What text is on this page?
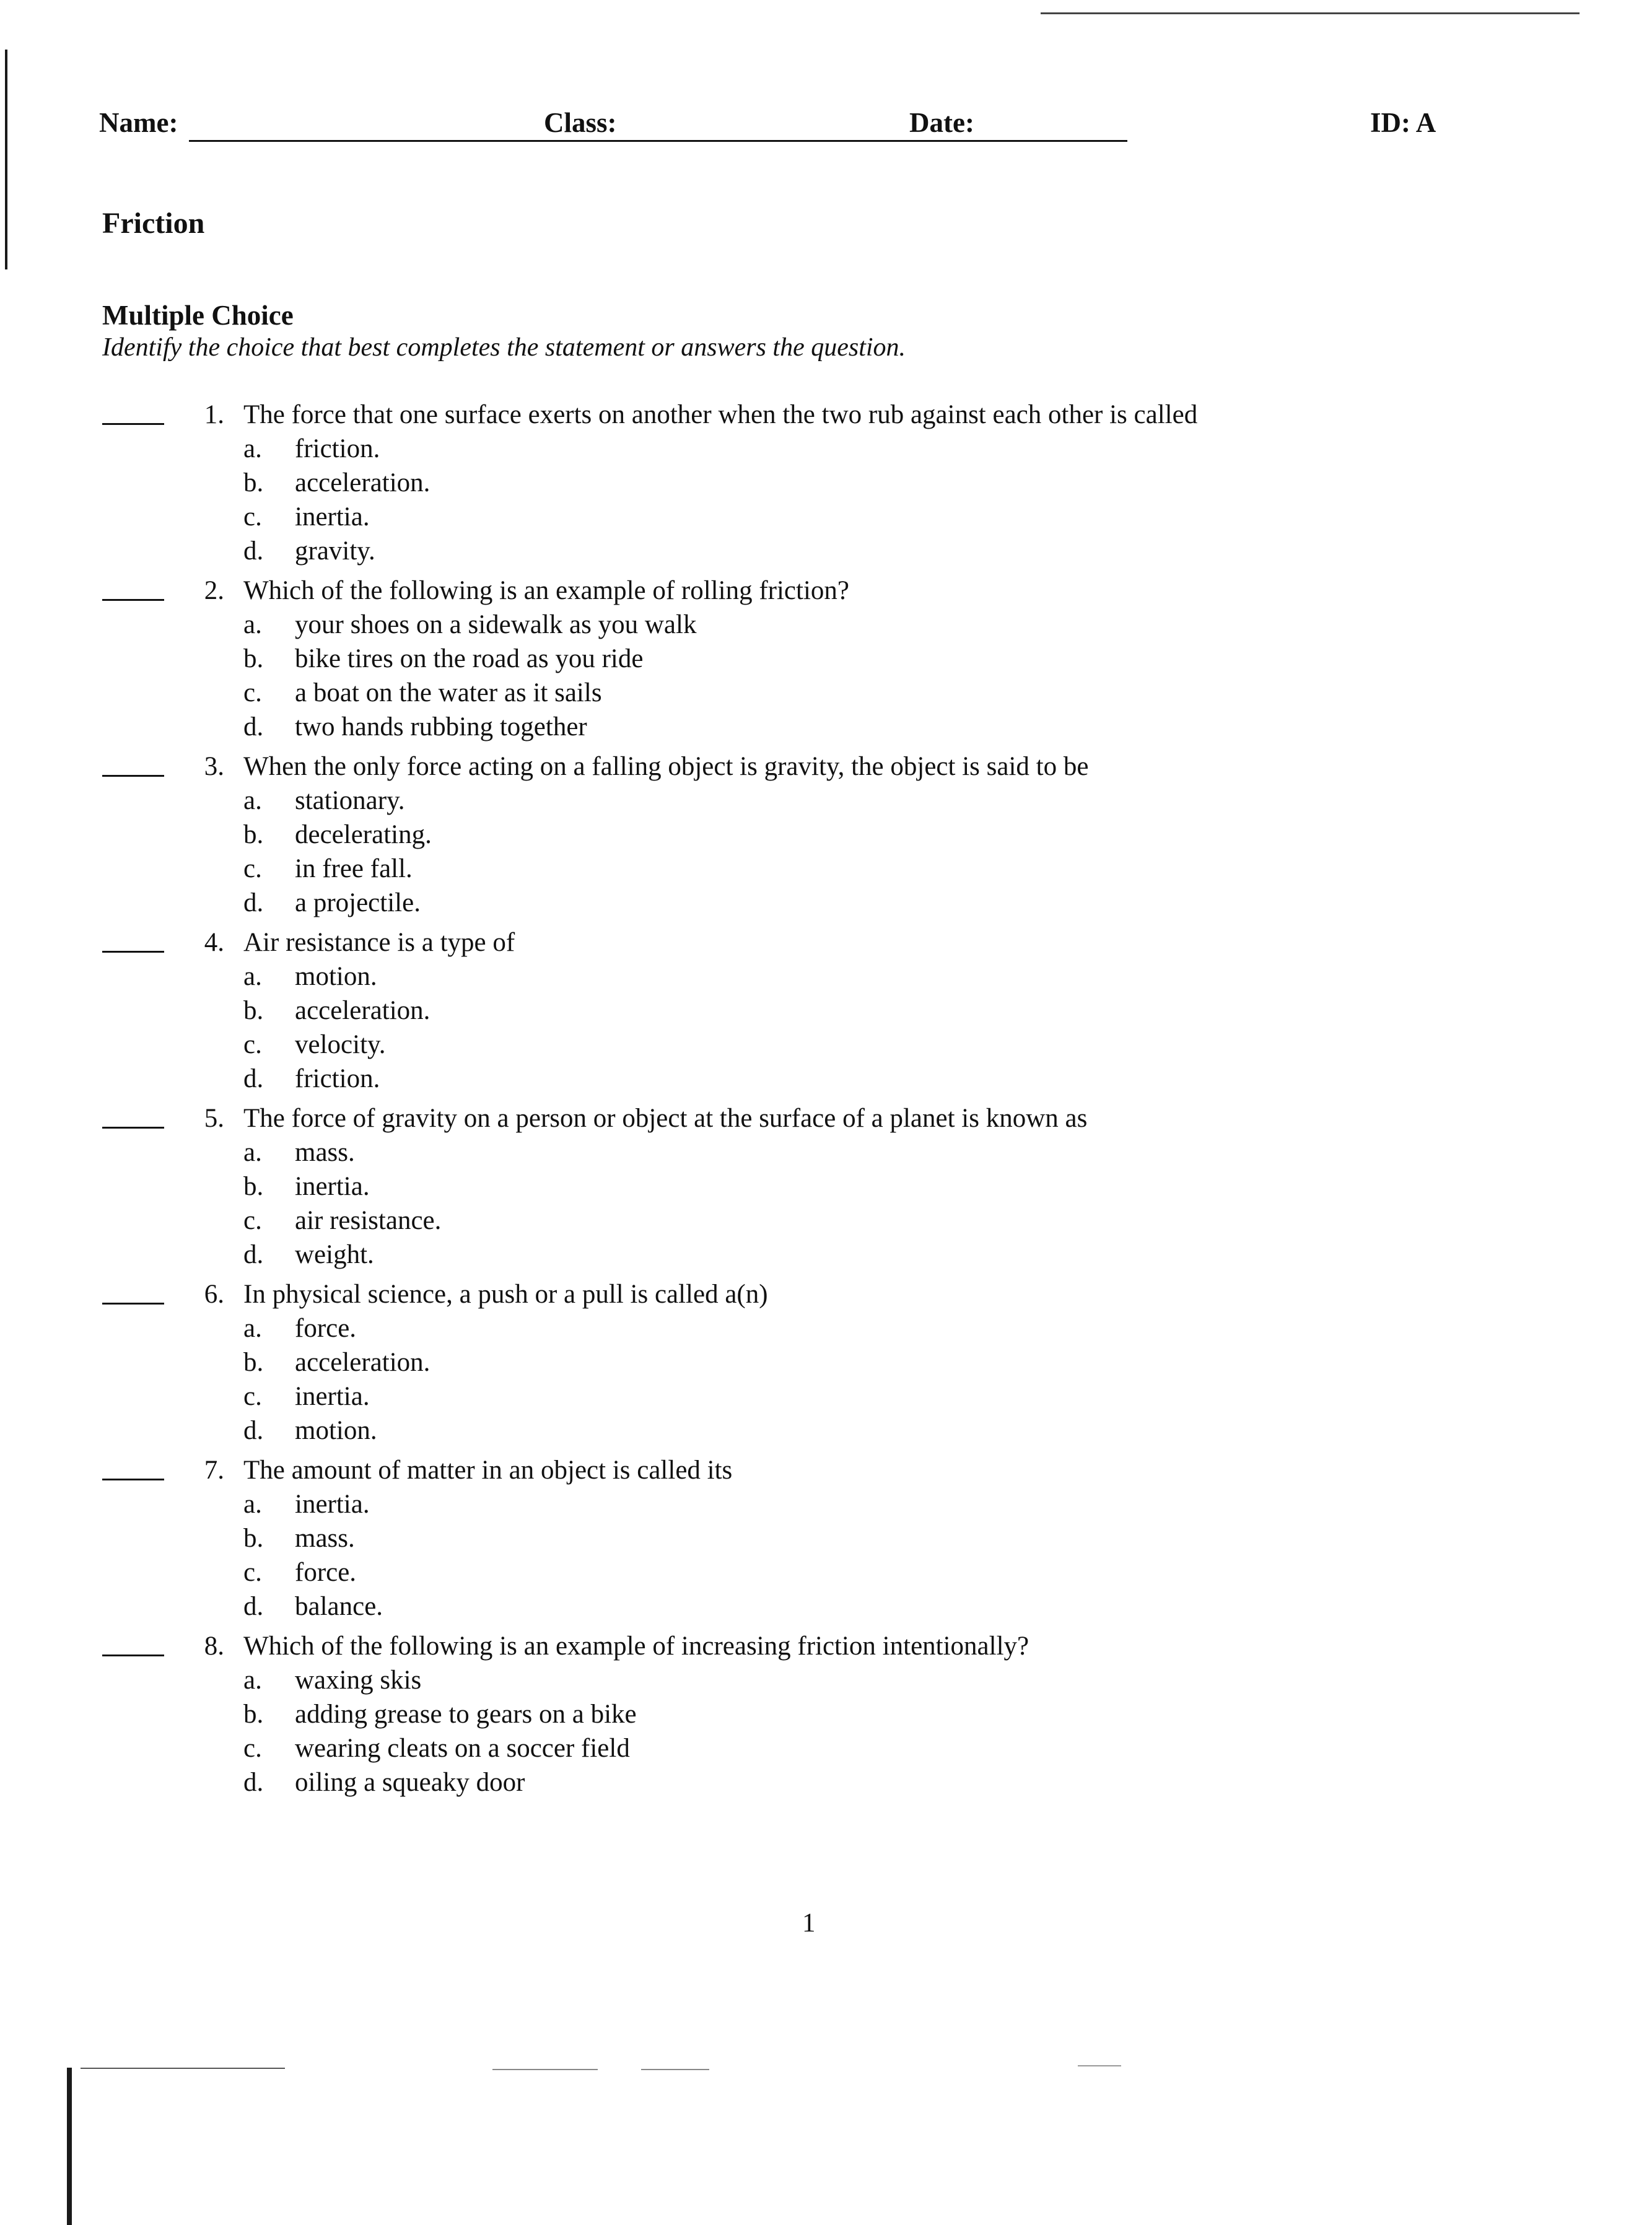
Name:	Class:	Date:	ID: A
Friction
Multiple Choice
Identify the choice that best completes the statement or answers the question.
1. The force that one surface exerts on another when the two rub against each other is called
a. friction.
b. acceleration.
c. inertia.
d. gravity.
2. Which of the following is an example of rolling friction?
a. your shoes on a sidewalk as you walk
b. bike tires on the road as you ride
c. a boat on the water as it sails
d. two hands rubbing together
3. When the only force acting on a falling object is gravity, the object is said to be
a. stationary.
b. decelerating.
c. in free fall.
d. a projectile.
4. Air resistance is a type of
a. motion.
b. acceleration.
c. velocity.
d. friction.
5. The force of gravity on a person or object at the surface of a planet is known as
a. mass.
b. inertia.
c. air resistance.
d. weight.
6. In physical science, a push or a pull is called a(n)
a. force.
b. acceleration.
c. inertia.
d. motion.
7. The amount of matter in an object is called its
a. inertia.
b. mass.
c. force.
d. balance.
8. Which of the following is an example of increasing friction intentionally?
a. waxing skis
b. adding grease to gears on a bike
c. wearing cleats on a soccer field
d. oiling a squeaky door
1
